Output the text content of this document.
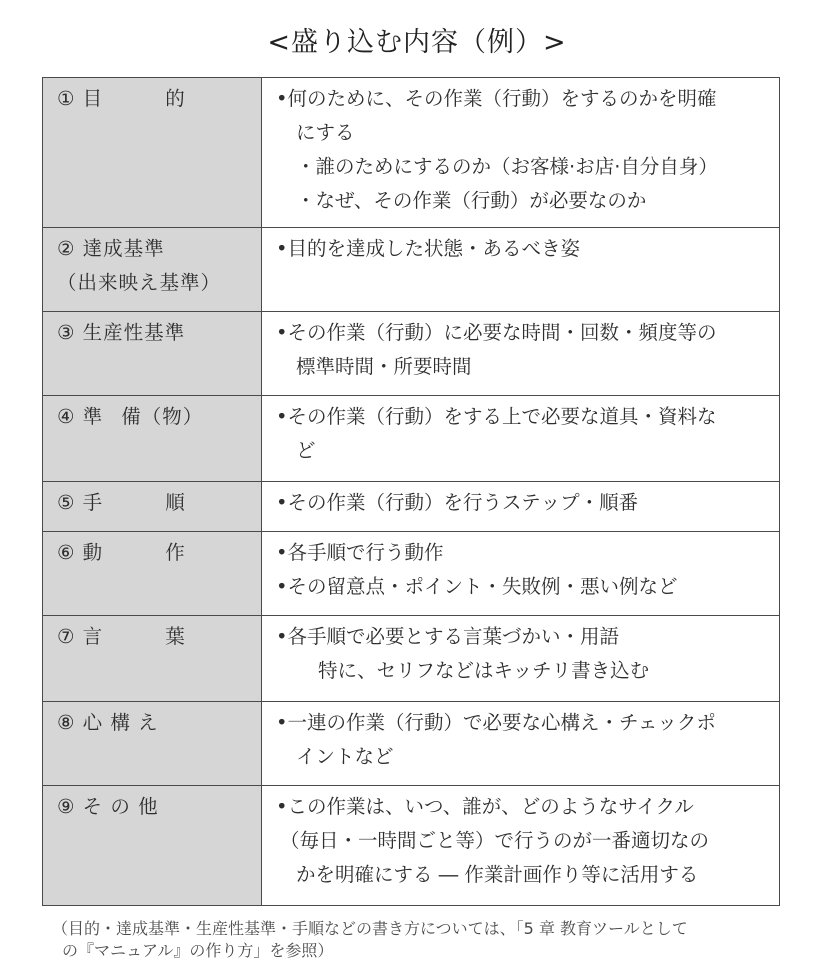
<盛り込む内容（例）>
① 目 的	•何のために、その作業（行動）をするのかを明確
にする
・誰のためにするのか（お客様·お店·自分自身）
・なぜ、その作業（行動）が必要なのか

② 達成基準
（出来映え基準）	•目的を達成した状態・あるべき姿

③ 生産性基準	•その作業（行動）に必要な時間・回数・頻度等の
標準時間・所要時間

④ 準 備（物）	•その作業（行動）をする上で必要な道具・資料な
ど

⑤ 手 順	•その作業（行動）を行うステップ・順番

⑥ 動 作	•各手順で行う動作
•その留意点・ポイント・失敗例・悪い例など

⑦ 言 葉	•各手順で必要とする言葉づかい・用語
特に、セリフなどはキッチリ書き込む

⑧ 心 構 え	•一連の作業（行動）で必要な心構え・チェックポ
イントなど

⑨ そ の 他	•この作業は、いつ、誰が、どのようなサイクル
（毎日・一時間ごと等）で行うのが一番適切なの
かを明確にする ― 作業計画作り等に活用する
（目的・達成基準・生産性基準・手順などの書き方については、「5 章 教育ツールとして
の『マニュアル』の作り方」を参照）
